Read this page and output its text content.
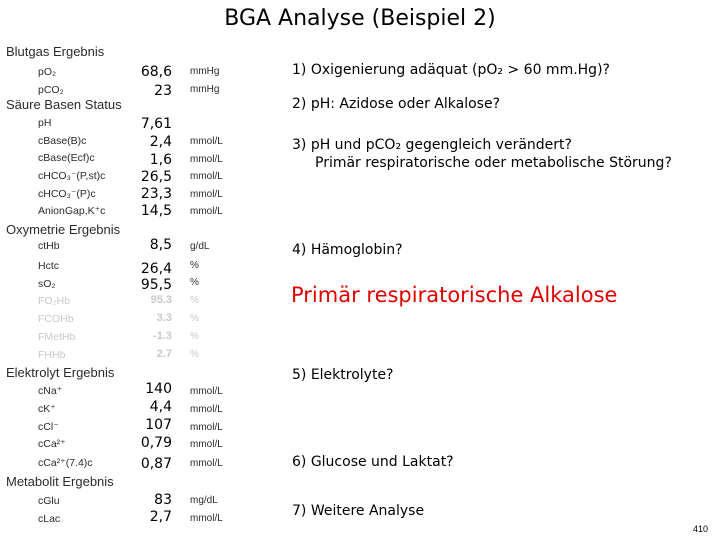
BGA Analyse (Beispiel 2)
Blutgas Ergebnis
Säure Basen Status
Oxymetrie Ergebnis
Elektrolyt Ergebnis
Metabolit Ergebnis
pO₂	68,6 mmHg
pCO₂	23 mmHg
pH	7,61
cBase(B)c	2,4 mmol/L
cBase(Ecf)c	1,6 mmol/L
cHCO₃⁻(P,st)c	26,5 mmol/L
cHCO₃⁻(P)c	23,3 mmol/L
AnionGap,K⁺c	14,5 mmol/L
ctHb	8,5 g/dL
Hctc	26,4 %
sO₂	95,5 %
FO₂Hb	95.3 %
FCOHb	3.3 %
FMetHb	-1.3 %
FHHb	2.7 %
cNa⁺	140 mmol/L
cK⁺	4,4 mmol/L
cCl⁻	107 mmol/L
cCa²⁺	0,79 mmol/L
cCa²⁺(7.4)c	0,87 mmol/L
cGlu	83 mg/dL
cLac	2,7 mmol/L
1) Oxigenierung adäquat (pO₂ > 60 mm.Hg)?
2) pH: Azidose oder Alkalose?
3) pH und pCO₂ gegengleich verändert?
Primär respiratorische oder metabolische Störung?
4) Hämoglobin?
Primär respiratorische Alkalose
5) Elektrolyte?
6) Glucose und Laktat?
7) Weitere Analyse
410
